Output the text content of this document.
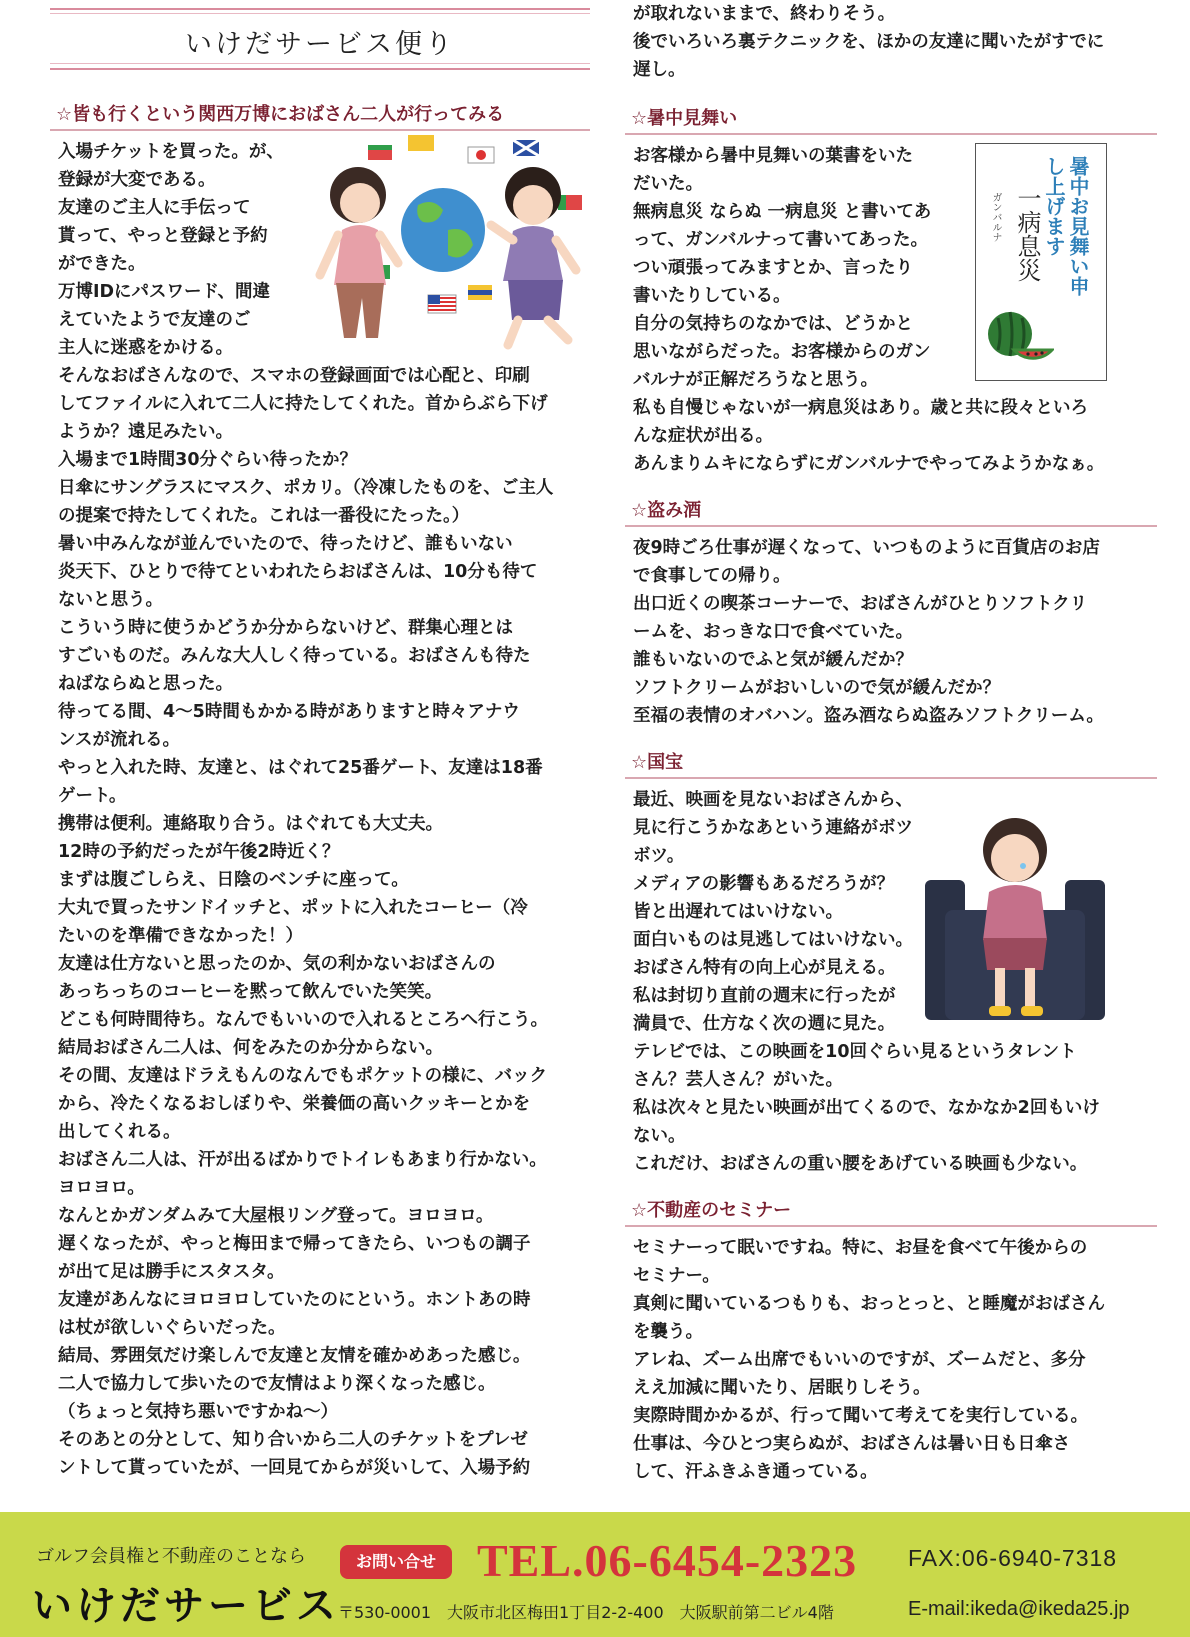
いけだサービス便り
☆皆も行くという関西万博におばさん二人が行ってみる
入場チケットを買った。が、
登録が大変である。
友達のご主人に手伝って
貰って、やっと登録と予約
ができた。
万博IDにパスワード、間違
えていたようで友達のご
主人に迷惑をかける。
そんなおばさんなので、スマホの登録画面では心配と、印刷
してファイルに入れて二人に持たしてくれた。首からぶら下げ
ようか？遠足みたい。
入場まで1時間30分ぐらい待ったか？
日傘にサングラスにマスク、ポカリ。（冷凍したものを、ご主人
の提案で持たしてくれた。これは一番役にたった。）
暑い中みんなが並んでいたので、待ったけど、誰もいない
炎天下、ひとりで待てといわれたらおばさんは、10分も待て
ないと思う。
こういう時に使うかどうか分からないけど、群集心理とは
すごいものだ。みんな大人しく待っている。おばさんも待た
ねばならぬと思った。
待ってる間、4〜5時間もかかる時がありますと時々アナウ
ンスが流れる。
やっと入れた時、友達と、はぐれて25番ゲート、友達は18番
ゲート。
携帯は便利。連絡取り合う。はぐれても大丈夫。
12時の予約だったが午後2時近く？
まずは腹ごしらえ、日陰のベンチに座って。
大丸で買ったサンドイッチと、ポットに入れたコーヒー（冷
たいのを準備できなかった！）
友達は仕方ないと思ったのか、気の利かないおばさんの
あっちっちのコーヒーを黙って飲んでいた笑笑。
どこも何時間待ち。なんでもいいので入れるところへ行こう。
結局おばさん二人は、何をみたのか分からない。
その間、友達はドラえもんのなんでもポケットの様に、バック
から、冷たくなるおしぼりや、栄養価の高いクッキーとかを
出してくれる。
おばさん二人は、汗が出るばかりでトイレもあまり行かない。
ヨロヨロ。
なんとかガンダムみて大屋根リング登って。ヨロヨロ。
遅くなったが、やっと梅田まで帰ってきたら、いつもの調子
が出て足は勝手にスタスタ。
友達があんなにヨロヨロしていたのにという。ホントあの時
は杖が欲しいぐらいだった。
結局、雰囲気だけ楽しんで友達と友情を確かめあった感じ。
二人で協力して歩いたので友情はより深くなった感じ。
（ちょっと気持ち悪いですかね〜）
そのあとの分として、知り合いから二人のチケットをプレゼ
ントして貰っていたが、一回見てからが災いして、入場予約
が取れないままで、終わりそう。
後でいろいろ裏テクニックを、ほかの友達に聞いたがすでに
遅し。
☆暑中見舞い
お客様から暑中見舞いの葉書をいた
だいた。
無病息災 ならぬ 一病息災 と書いてあ
って、ガンバルナって書いてあった。
つい頑張ってみますとか、言ったり
書いたりしている。
自分の気持ちのなかでは、どうかと
思いながらだった。お客様からのガン
バルナが正解だろうなと思う。
私も自慢じゃないが一病息災はあり。歳と共に段々といろ
んな症状が出る。
あんまりムキにならずにガンバルナでやってみようかなぁ。
☆盗み酒
夜9時ごろ仕事が遅くなって、いつものように百貨店のお店
で食事しての帰り。
出口近くの喫茶コーナーで、おばさんがひとりソフトクリ
ームを、おっきな口で食べていた。
誰もいないのでふと気が緩んだか？
ソフトクリームがおいしいので気が緩んだか？
至福の表情のオバハン。盗み酒ならぬ盗みソフトクリーム。
☆国宝
最近、映画を見ないおばさんから、
見に行こうかなあという連絡がボツ
ボツ。
メディアの影響もあるだろうが？
皆と出遅れてはいけない。
面白いものは見逃してはいけない。
おばさん特有の向上心が見える。
私は封切り直前の週末に行ったが
満員で、仕方なく次の週に見た。
テレビでは、この映画を10回ぐらい見るというタレント
さん？芸人さん？がいた。
私は次々と見たい映画が出てくるので、なかなか2回もいけ
ない。
これだけ、おばさんの重い腰をあげている映画も少ない。
☆不動産のセミナー
セミナーって眠いですね。特に、お昼を食べて午後からの
セミナー。
真剣に聞いているつもりも、おっとっと、と睡魔がおばさん
を襲う。
アレね、ズーム出席でもいいのですが、ズームだと、多分
ええ加減に聞いたり、居眠りしそう。
実際時間かかるが、行って聞いて考えてを実行している。
仕事は、今ひとつ実らぬが、おばさんは暑い日も日傘さ
して、汗ふきふき通っている。
暑中お見舞い申し上げます
一病息災
ガンバルナ
ゴルフ会員権と不動産のことなら
いけだサービス
お問い合せ TEL.06-6454-2323 FAX:06-6940-7318
〒530-0001　大阪市北区梅田1丁目2-2-400　大阪駅前第二ビル4階	E-mail:ikeda@ikeda25.jp
